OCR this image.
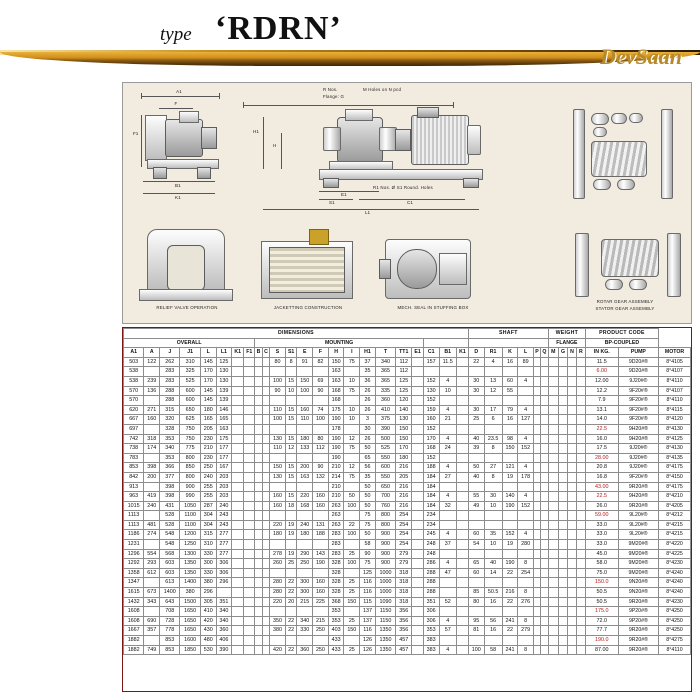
type ‘RDRN’
DevSaan
A1
F
F1
B1
K1
R Nos.	M Holes on N pcd
Flange: G
H1
H
R1 Nos. Ø S1 Round. Holes
E1
S1	C1
L1
RELIEF VALVE OPERATION	JACKETTING CONSTRUCTION	MECH. SEAL IN STUFFING BOX
ROTAR GEAR ASSEMBLY
STATOR GEAR ASSEMBLY
DIMENSIONS																							SHAFT						WEIGHT				PRODUCT CODE		
OVERALL								MOUNTING																					FLANGE				BP-COUPLED		
A1	A	J	J1	L	L1	K1	F1	B	C	S	S1	E	F	H	I	H1	T	TT1	E1	C1	B1	K1	D	R1	K	L	P	Q	M	G	N	R	IN KG.	PUMP	MOTOR
503	122	262	310	145	125					80	8	91	82	150	75	37	340	112		157	11.5		22	4	16	89							11.5	9D20#®	8°4105
538		283	325	170	130									163		35	365	112															6.00	9D20#®	8°4107
538	239	283	525	170	130					100	15	150	69	163	10	36	365	125		152	4		30	13	60	4							12.00	9J20#®	8°4110
570	136	288	600	145	139					90	10	100	90	168	75	26	335	125		130	10		30	12	55								12.2	9F20#®	8°4107
570		288	600	145	139									168		26	360	120		152													7.9	9F20#®	8°4110
620	271	315	650	180	146					110	15	160	74	175	10	26	410	140		159	4		30	17	79	4							13.1	9F20#®	8°4115
667	160	320	625	165	165					100	15	110	100	190	10	3	375	130		160	21		25	6	16	127							14.0	9F20#®	8°4120
697		328	750	205	163									178		30	390	150		152													22.5	9H20#®	8°4130
742	318	353	750	230	175					130	15	180	80	190	12	26	500	150		170	4		40	23.5	98	4							16.0	9H20#®	8°4125
738	174	340	775	210	177					110	12	133	112	190	75	50	525	170		168	24		39	8	150	152							17.5	9J20#®	8°4130
783		353	800	230	177									190		65	550	180		152													28.00	9J20#®	8°4135
853	398	366	850	250	167					150	15	200	90	210	12	56	600	216		188	4		50	27	121	4							20.8	9J20#®	8°4175
842	200	377	800	240	203					130	15	163	132	214	75	35	550	205		184	27		40	8	19	178							16.8	9F20#®	8°4150
913		398	900	255	203									210		50	650	216		184													43.00	9R20#®	8°4175
963	419	398	990	255	203					160	15	220	160	210	50	50	700	216		184	4		55	30	140	4							22.5	9H20#®	8°4210
1015	240	431	1050	287	240					160	18	168	160	263	100	50	760	216		184	32		49	10	190	152							26.0	9R20#®	8°4205
1113		528	1100	304	243									263		75	800	254		234													59.00	9L20#®	8°4212
1113	481	528	1100	304	243					220	19	240	131	263	22	75	800	254		234													33.0	9L20#®	8°4215
1186	274	548	1200	315	277					180	19	180	188	283	100	50	900	254		245	4		60	35	152	4							33.0	9L20#®	8°4215
1231		548	1250	310	277									283		58	900	254		248	37		54	10	19	280							33.0	9M20#®	8°4220
1296	554	568	1300	330	277					278	19	290	143	283	25	90	900	279		248													45.0	9M20#®	8°4225
1292	293	603	1350	300	306					260	25	250	190	328	100	75	900	279		286	4		65	40	190	8							58.0	9M20#®	8°4230
1358	612	603	1350	330	306									328		125	1000	318		288	47		60	14	22	254							75.0	9M20#®	8°4240
1347		613	1400	380	296					280	22	300	160	328	25	116	1000	318		288													150.0	9N20#®	8°4240
1615	673	1400	380	296						280	22	300	160	328	25	116	1000	318		288			85	50.5	216	8							50.5	9N20#®	8°4240
1432	343	643	1500	305	351					220	20	215	225	368	150	115	1090	318		351	52		80	16	22	276							50.5	9R20#®	8°4230
1608		708	1650	410	340									353		137	1150	356		306													175.0	9P20#®	8°4250
1608	690	728	1650	420	340					350	22	340	215	353	25	137	1150	356		306	4		95	56	241	8							72.0	9P20#®	8°4250
1667	357	778	1650	430	360					380	22	330	250	403	150	116	1350	356		353	57		81	16	22	279							77.7	9R20#®	8°4250
1882		853	1600	480	406									433		126	1350	457		383													190.0	9R20#®	8°4275
1882	749	853	1850	530	390					420	22	360	250	433	25	126	1350	457		383	4		100	58	241	8							87.00	9R20#®	8°4110
